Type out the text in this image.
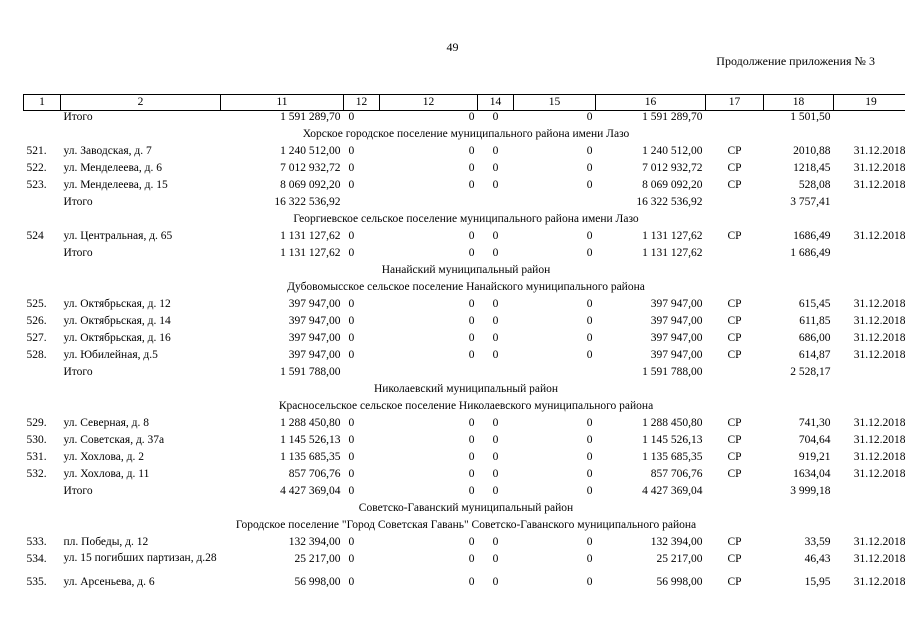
49
Продолжение приложения № 3
1	2	11	12	12	14	15	16	17	18	19
	Итого	1 591 289,70	0	0	0	0	1 591 289,70		1 501,50	
Хорское городское поселение муниципального района имени Лазо										
521.	ул. Заводская, д. 7	1 240 512,00	0	0	0	0	1 240 512,00	СР	2010,88	31.12.2018
522.	ул. Менделеева, д. 6	7 012 932,72	0	0	0	0	7 012 932,72	СР	1218,45	31.12.2018
523.	ул. Менделеева, д. 15	8 069 092,20	0	0	0	0	8 069 092,20	СР	528,08	31.12.2018
	Итого	16 322 536,92					16 322 536,92		3 757,41	
Георгиевское сельское поселение муниципального района имени Лазо										
524	ул. Центральная, д. 65	1 131 127,62	0	0	0	0	1 131 127,62	СР	1686,49	31.12.2018
	Итого	1 131 127,62	0	0	0	0	1 131 127,62		1 686,49	
Нанайский муниципальный район										
Дубовомысское сельское поселение Нанайского муниципального района										
525.	ул. Октябрьская, д. 12	397 947,00	0	0	0	0	397 947,00	СР	615,45	31.12.2018
526.	ул. Октябрьская, д. 14	397 947,00	0	0	0	0	397 947,00	СР	611,85	31.12.2018
527.	ул. Октябрьская, д. 16	397 947,00	0	0	0	0	397 947,00	СР	686,00	31.12.2018
528.	ул. Юбилейная, д.5	397 947,00	0	0	0	0	397 947,00	СР	614,87	31.12.2018
	Итого	1 591 788,00					1 591 788,00		2 528,17	
Николаевский муниципальный район										
Красносельское сельское поселение Николаевского муниципального района										
529.	ул. Северная, д. 8	1 288 450,80	0	0	0	0	1 288 450,80	СР	741,30	31.12.2018
530.	ул. Советская, д. 37а	1 145 526,13	0	0	0	0	1 145 526,13	СР	704,64	31.12.2018
531.	ул. Хохлова, д. 2	1 135 685,35	0	0	0	0	1 135 685,35	СР	919,21	31.12.2018
532.	ул. Хохлова, д. 11	857 706,76	0	0	0	0	857 706,76	СР	1634,04	31.12.2018
	Итого	4 427 369,04	0	0	0	0	4 427 369,04		3 999,18	
Советско-Гаванский муниципальный район										
Городское поселение "Город Советская Гавань" Советско-Гаванского муниципального района										
533.	пл. Победы, д. 12	132 394,00	0	0	0	0	132 394,00	СР	33,59	31.12.2018
534.	ул. 15 погибших партизан, д.28	25 217,00	0	0	0	0	25 217,00	СР	46,43	31.12.2018
535.	ул. Арсеньева, д. 6	56 998,00	0	0	0	0	56 998,00	СР	15,95	31.12.2018
